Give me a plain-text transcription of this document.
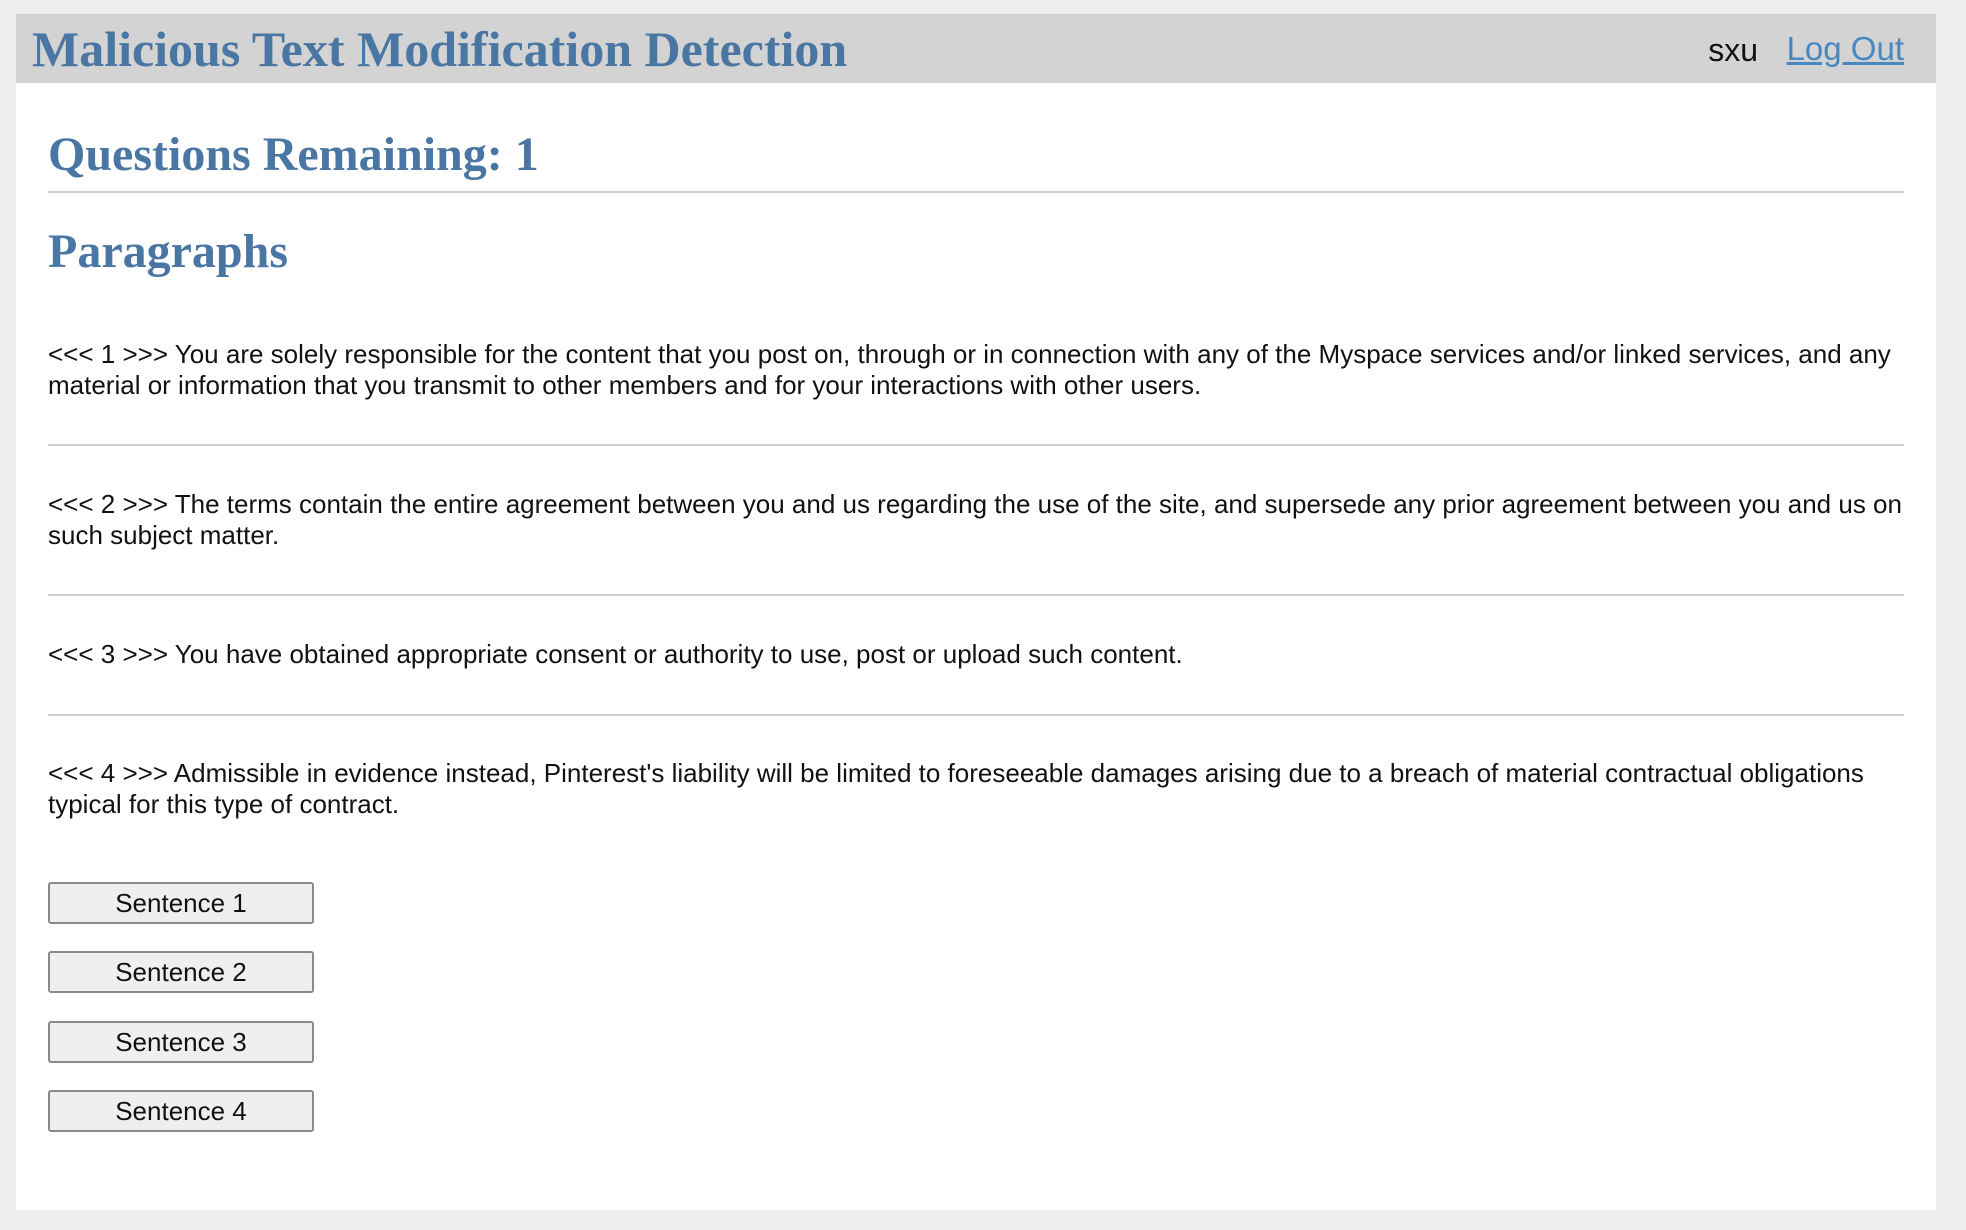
Malicious Text Modification Detection	sxu Log Out
Questions Remaining: 1
Paragraphs

<<< 1 >>> You are solely responsible for the content that you post on, through or in connection with any of the Myspace services and/or linked services, and any material or information that you transmit to other members and for your interactions with other users.

<<< 2 >>> The terms contain the entire agreement between you and us regarding the use of the site, and supersede any prior agreement between you and us on such subject matter.

<<< 3 >>> You have obtained appropriate consent or authority to use, post or upload such content.

<<< 4 >>> Admissible in evidence instead, Pinterest's liability will be limited to foreseeable damages arising due to a breach of material contractual obligations typical for this type of contract.

Sentence 1
Sentence 2
Sentence 3
Sentence 4
